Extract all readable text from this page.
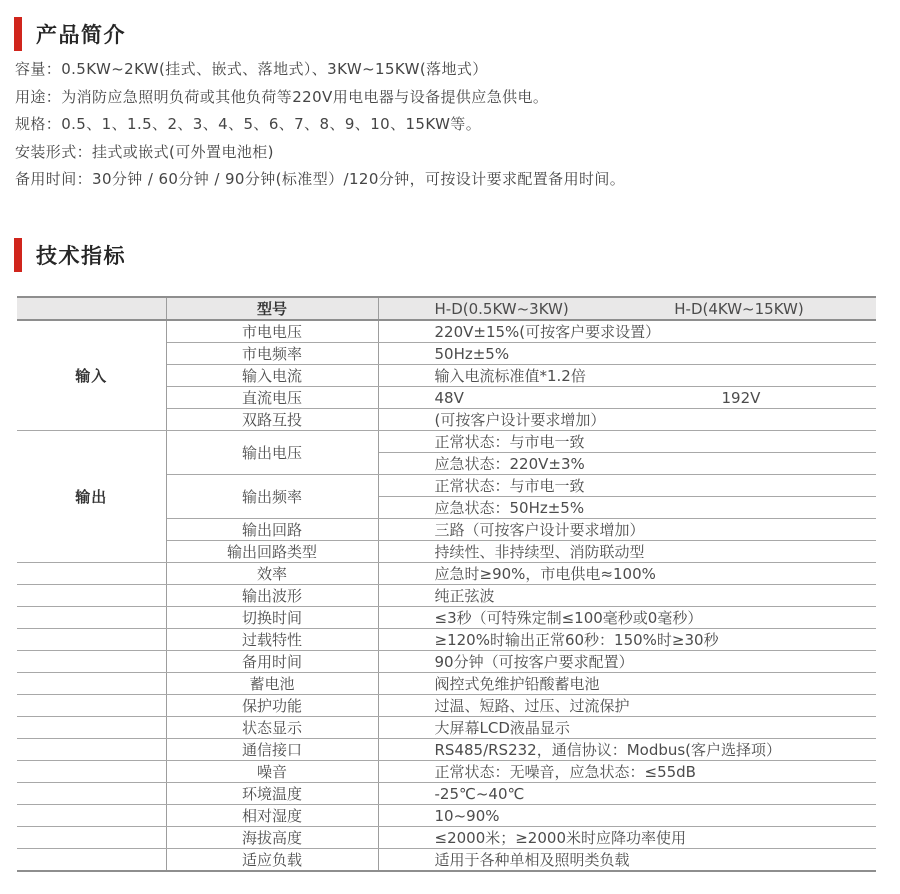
产品简介
容量：0.5KW~2KW(挂式、嵌式、落地式）、3KW~15KW(落地式）
用途：为消防应急照明负荷或其他负荷等220V用电电器与设备提供应急供电。
规格：0.5、1、1.5、2、3、4、5、6、7、8、9、10、15KW等。
安装形式：挂式或嵌式(可外置电池柜)
备用时间：30分钟 / 60分钟 / 90分钟(标准型）/120分钟，可按设计要求配置备用时间。
技术指标
	型号	H-D(0.5KW~3KW) H-D(4KW~15KW)
输入	市电电压	220V±15%(可按客户要求设置）
	市电频率	50Hz±5%
	输入电流	输入电流标准值*1.2倍
	直流电压	48V 192V
	双路互投	(可按客户设计要求增加）
输出	输出电压	正常状态：与市电一致
		应急状态：220V±3%
	输出频率	正常状态：与市电一致
		应急状态：50Hz±5%
	输出回路	三路（可按客户设计要求增加）
	输出回路类型	持续性、非持续型、消防联动型
	效率	应急时≥90%，市电供电≈100%
	输出波形	纯正弦波
	切换时间	≤3秒（可特殊定制≤100毫秒或0毫秒）
	过载特性	≥120%时输出正常60秒：150%时≥30秒
	备用时间	90分钟（可按客户要求配置）
	蓄电池	阀控式免维护铅酸蓄电池
	保护功能	过温、短路、过压、过流保护
	状态显示	大屏幕LCD液晶显示
	通信接口	RS485/RS232，通信协议：Modbus(客户选择项）
	噪音	正常状态：无噪音，应急状态：≤55dB
	环境温度	-25℃~40℃
	相对湿度	10~90%
	海拔高度	≤2000米；≥2000米时应降功率使用
	适应负载	适用于各种单相及照明类负载
